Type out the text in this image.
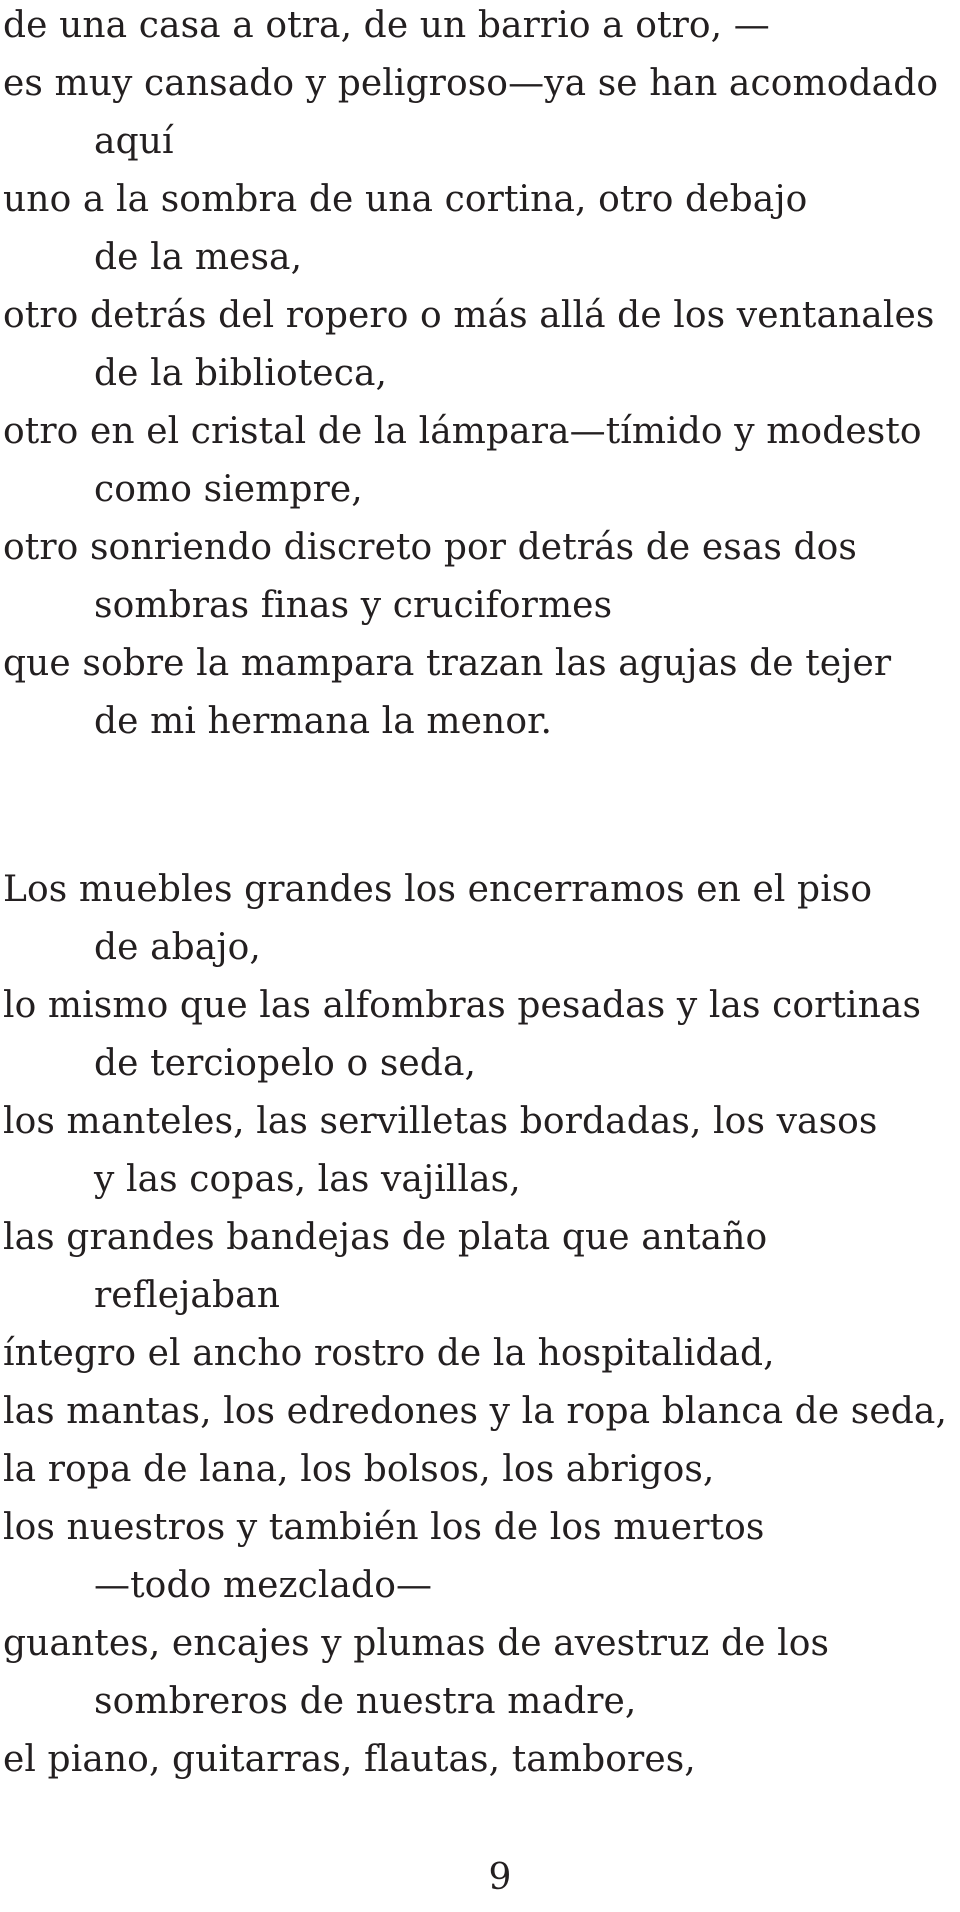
de una casa a otra, de un barrio a otro, —
es muy cansado y peligroso—ya se han acomodado
aquí
uno a la sombra de una cortina, otro debajo
de la mesa,
otro detrás del ropero o más allá de los ventanales
de la biblioteca,
otro en el cristal de la lámpara—tímido y modesto
como siempre,
otro sonriendo discreto por detrás de esas dos
sombras finas y cruciformes
que sobre la mampara trazan las agujas de tejer
de mi hermana la menor.
Los muebles grandes los encerramos en el piso
de abajo,
lo mismo que las alfombras pesadas y las cortinas
de terciopelo o seda,
los manteles, las servilletas bordadas, los vasos
y las copas, las vajillas,
las grandes bandejas de plata que antaño
reflejaban
íntegro el ancho rostro de la hospitalidad,
las mantas, los edredones y la ropa blanca de seda,
la ropa de lana, los bolsos, los abrigos,
los nuestros y también los de los muertos
—todo mezclado—
guantes, encajes y plumas de avestruz de los
sombreros de nuestra madre,
el piano, guitarras, flautas, tambores,
9
